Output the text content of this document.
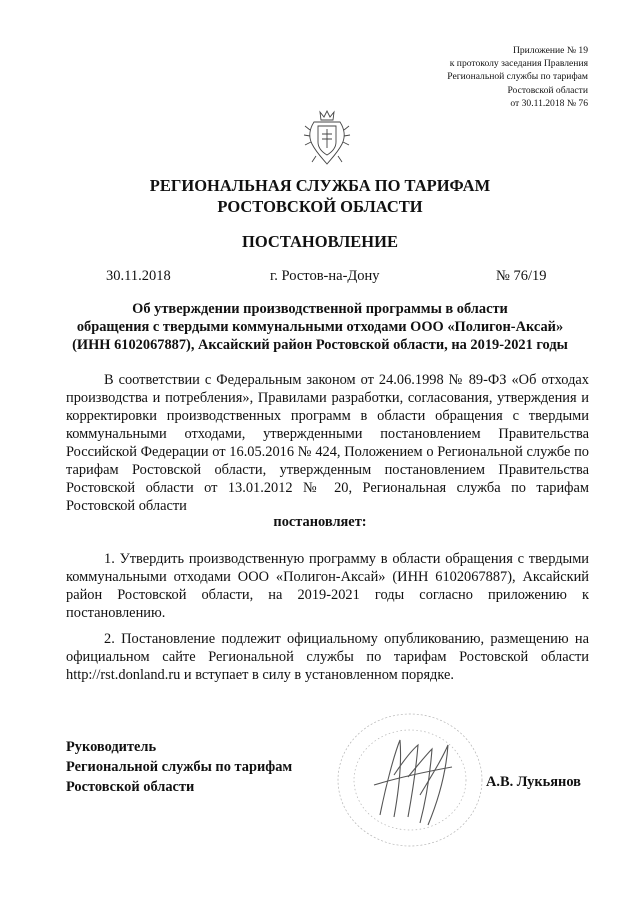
Приложение № 19
к протоколу заседания Правления
Региональной службы по тарифам
Ростовской области
от 30.11.2018 № 76
РЕГИОНАЛЬНАЯ СЛУЖБА ПО ТАРИФАМ
РОСТОВСКОЙ ОБЛАСТИ
ПОСТАНОВЛЕНИЕ
30.11.2018	г. Ростов-на-Дону	№ 76/19
Об утверждении производственной программы в области
обращения с твердыми коммунальными отходами ООО «Полигон-Аксай»
(ИНН 6102067887), Аксайский район Ростовской области, на 2019-2021 годы
В соответствии с Федеральным законом от 24.06.1998 № 89-ФЗ «Об отходах производства и потребления», Правилами разработки, согласования, утверждения и корректировки производственных программ в области обращения с твердыми коммунальными отходами, утвержденными постановлением Правительства Российской Федерации от 16.05.2016 № 424, Положением о Региональной службе по тарифам Ростовской области, утвержденным постановлением Правительства Ростовской области от 13.01.2012 № 20, Региональная служба по тарифам Ростовской области
постановляет:
1. Утвердить производственную программу в области обращения с твердыми коммунальными отходами ООО «Полигон-Аксай» (ИНН 6102067887), Аксайский район Ростовской области, на 2019-2021 годы согласно приложению к постановлению.
2. Постановление подлежит официальному опубликованию, размещению на официальном сайте Региональной службы по тарифам Ростовской области http://rst.donland.ru и вступает в силу в установленном порядке.
Руководитель
Региональной службы по тарифам
Ростовской области	А.В. Лукьянов
